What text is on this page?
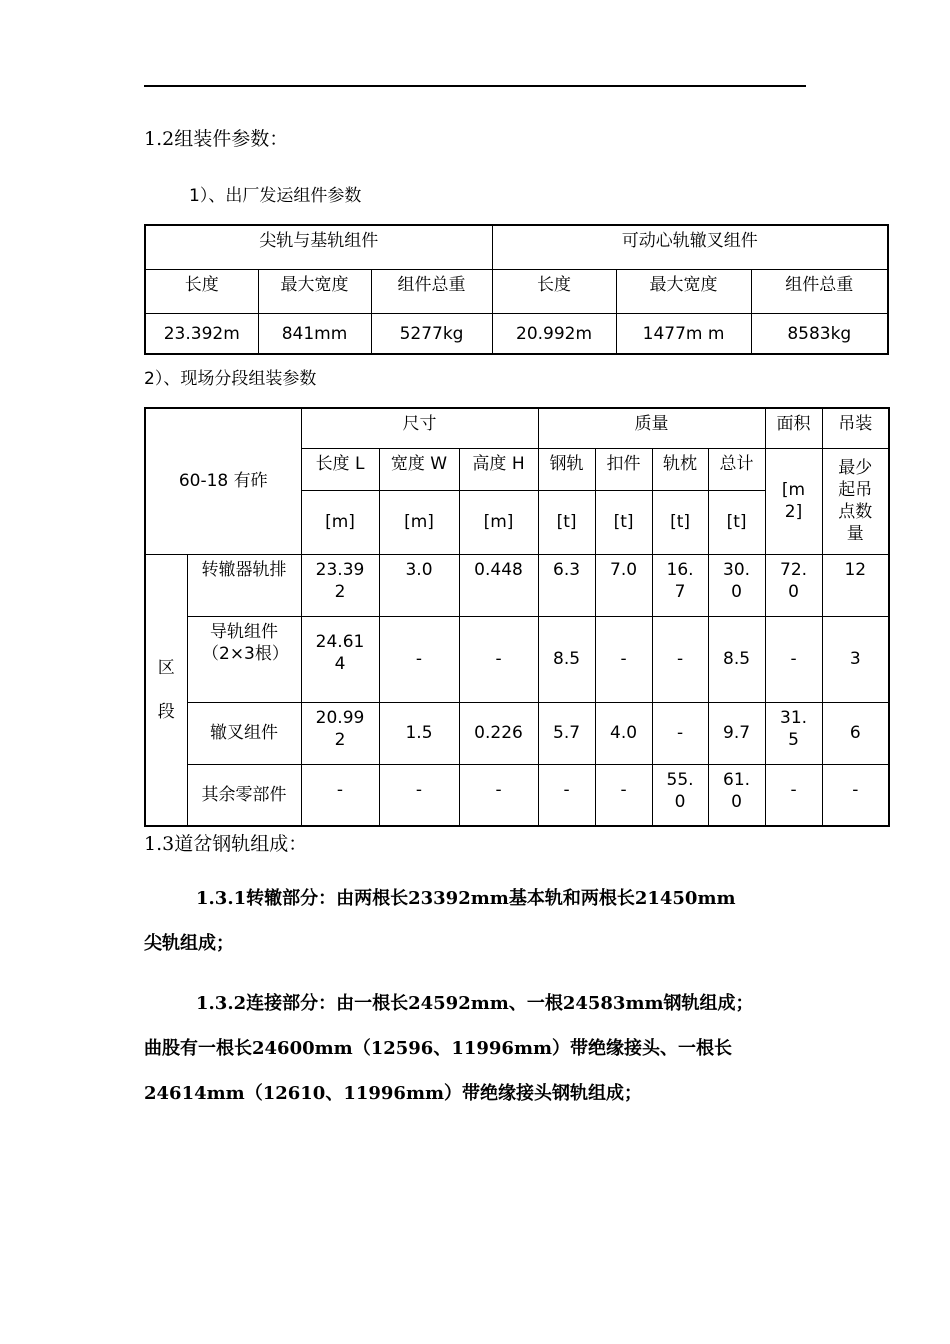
1.2组装件参数：
1）、出厂发运组件参数
尖轨与基轨组件			可动心轨辙叉组件		
长度	最大宽度	组件总重	长度	最大宽度	组件总重
23.392m	841mm	5277kg	20.992m	1477m m	8583kg
2）、现场分段组装参数
60-18 有砟		尺寸			质量				面积	吊装
		长度 L	宽度 W	高度 H	钢轨	扣件	轨枕	总计	[m2]	最少起吊点数量

		[m]	[m]	[m]	[t]	[t]	[t]	[t]		

区段	转辙器轨排	23.392	3.0	0.448	6.3	7.0	16.7	30.0	72.0	12

	导轨组件（2×3根）	24.614	-	-	8.5	-	-	8.5	-	3
	辙叉组件	20.992	1.5	0.226	5.7	4.0	-	9.7	31.5	6
	其余零部件	-	-	-	-	-	55.0	61.0	-	-
1.3道岔钢轨组成：
1.3.1转辙部分：由两根长23392mm基本轨和两根长21450mm
尖轨组成；
1.3.2连接部分：由一根长24592mm、一根24583mm钢轨组成；
曲股有一根长24600mm（12596、11996mm）带绝缘接头、一根长
24614mm（12610、11996mm）带绝缘接头钢轨组成；
